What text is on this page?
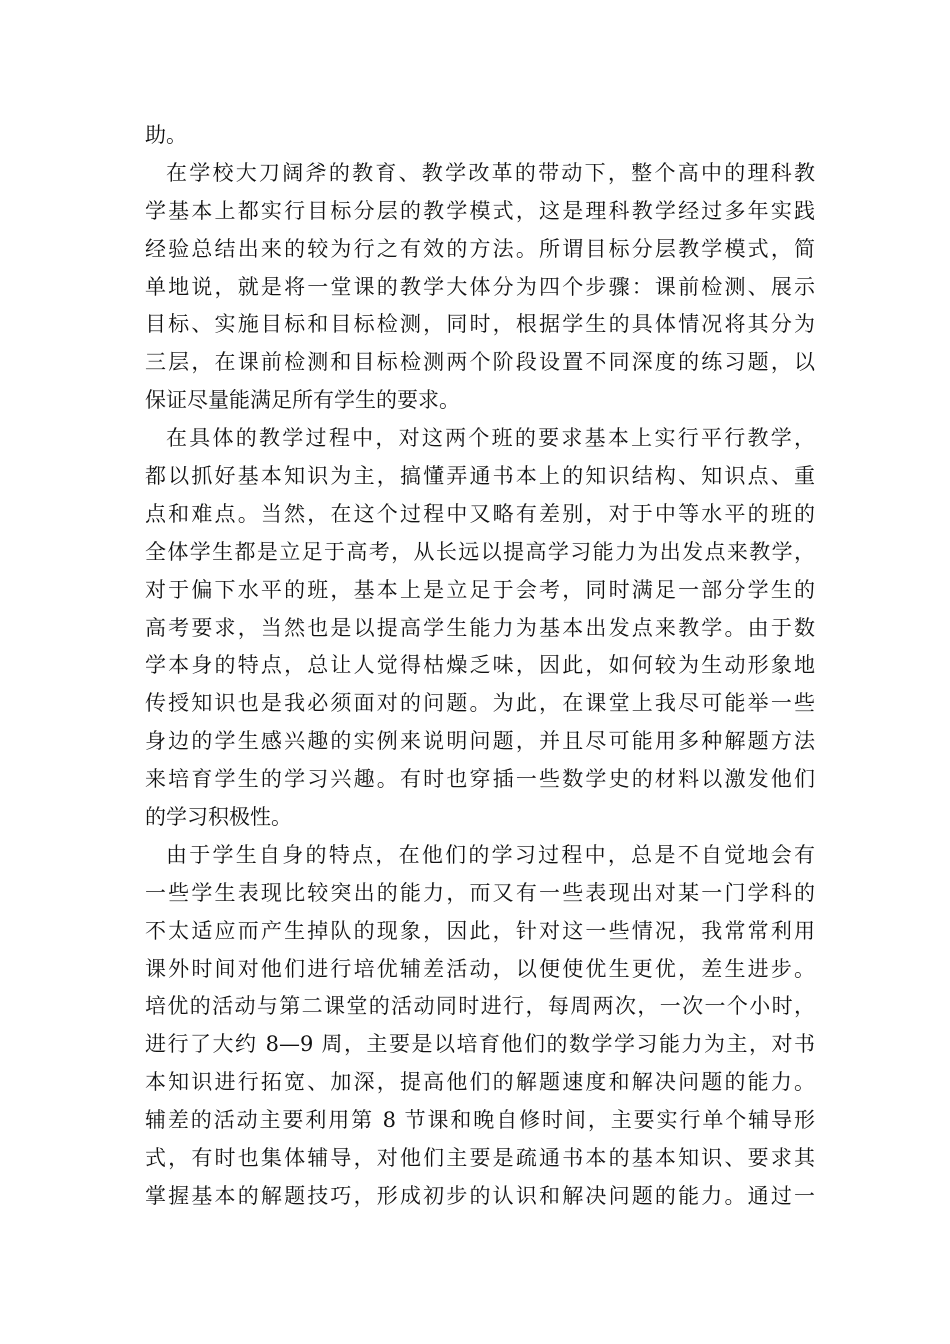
助。
在学校大刀阔斧的教育、教学改革的带动下，整个高中的理科教
学基本上都实行目标分层的教学模式，这是理科教学经过多年实践
经验总结出来的较为行之有效的方法。所谓目标分层教学模式，简
单地说，就是将一堂课的教学大体分为四个步骤：课前检测、展示
目标、实施目标和目标检测，同时，根据学生的具体情况将其分为
三层，在课前检测和目标检测两个阶段设置不同深度的练习题，以
保证尽量能满足所有学生的要求。
在具体的教学过程中，对这两个班的要求基本上实行平行教学，
都以抓好基本知识为主，搞懂弄通书本上的知识结构、知识点、重
点和难点。当然，在这个过程中又略有差别，对于中等水平的班的
全体学生都是立足于高考，从长远以提高学习能力为出发点来教学，
对于偏下水平的班，基本上是立足于会考，同时满足一部分学生的
高考要求，当然也是以提高学生能力为基本出发点来教学。由于数
学本身的特点，总让人觉得枯燥乏味，因此，如何较为生动形象地
传授知识也是我必须面对的问题。为此，在课堂上我尽可能举一些
身边的学生感兴趣的实例来说明问题，并且尽可能用多种解题方法
来培育学生的学习兴趣。有时也穿插一些数学史的材料以激发他们
的学习积极性。
由于学生自身的特点，在他们的学习过程中，总是不自觉地会有
一些学生表现比较突出的能力，而又有一些表现出对某一门学科的
不太适应而产生掉队的现象，因此，针对这一些情况，我常常利用
课外时间对他们进行培优辅差活动，以便使优生更优，差生进步。
培优的活动与第二课堂的活动同时进行，每周两次，一次一个小时，
进行了大约 8—9 周，主要是以培育他们的数学学习能力为主，对书
本知识进行拓宽、加深，提高他们的解题速度和解决问题的能力。
辅差的活动主要利用第 8 节课和晚自修时间，主要实行单个辅导形
式，有时也集体辅导，对他们主要是疏通书本的基本知识、要求其
掌握基本的解题技巧，形成初步的认识和解决问题的能力。通过一
